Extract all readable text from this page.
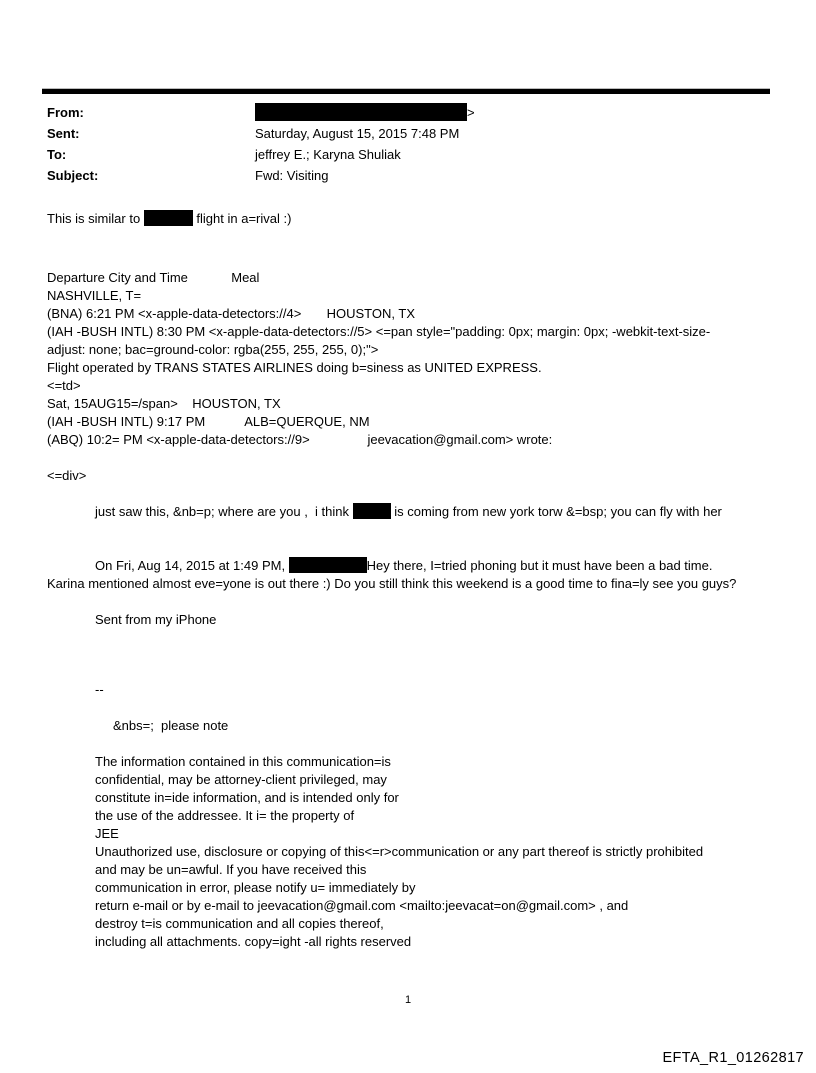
From:	>
Sent:	Saturday, August 15, 2015 7:48 PM
To:	jeffrey E.; Karyna Shuliak
Subject:	Fwd: Visiting
This is similar to	flight in a=rival :)
Departure City and Time            Meal
NASHVILLE, T=
(BNA) 6:21 PM <x-apple-data-detectors://4>       HOUSTON, TX
(IAH -BUSH INTL) 8:30 PM <x-apple-data-detectors://5> <=pan style="padding: 0px; margin: 0px; -webkit-text-size-
adjust: none; bac=ground-color: rgba(255, 255, 255, 0);">
Flight operated by TRANS STATES AIRLINES doing b=siness as UNITED EXPRESS.
<=td>
Sat, 15AUG15=/span>    HOUSTON, TX
(IAH -BUSH INTL) 9:17 PM           ALB=QUERQUE, NM
(ABQ) 10:2= PM <x-apple-data-detectors://9>                jeevacation@gmail.com> wrote:
<=div>
just saw this, &nb=p; where are you ,  i think	is coming from new york torw &=bsp; you can fly with her
On Fri, Aug 14, 2015 at 1:49 PM,	Hey there, I=tried phoning but it must have been a bad time.
Karina mentioned almost eve=yone is out there :) Do you still think this weekend is a good time to fina=ly see you guys?
Sent from my iPhone
--
&nbs=;  please note
The information contained in this communication=is
confidential, may be attorney-client privileged, may
constitute in=ide information, and is intended only for
the use of the addressee. It i= the property of
JEE
Unauthorized use, disclosure or copying of this<=r>communication or any part thereof is strictly prohibited
and may be un=awful. If you have received this
communication in error, please notify u= immediately by
return e-mail or by e-mail to jeevacation@gmail.com <mailto:jeevacat=on@gmail.com> , and
destroy t=is communication and all copies thereof,
including all attachments. copy=ight -all rights reserved
1
EFTA_R1_01262817
